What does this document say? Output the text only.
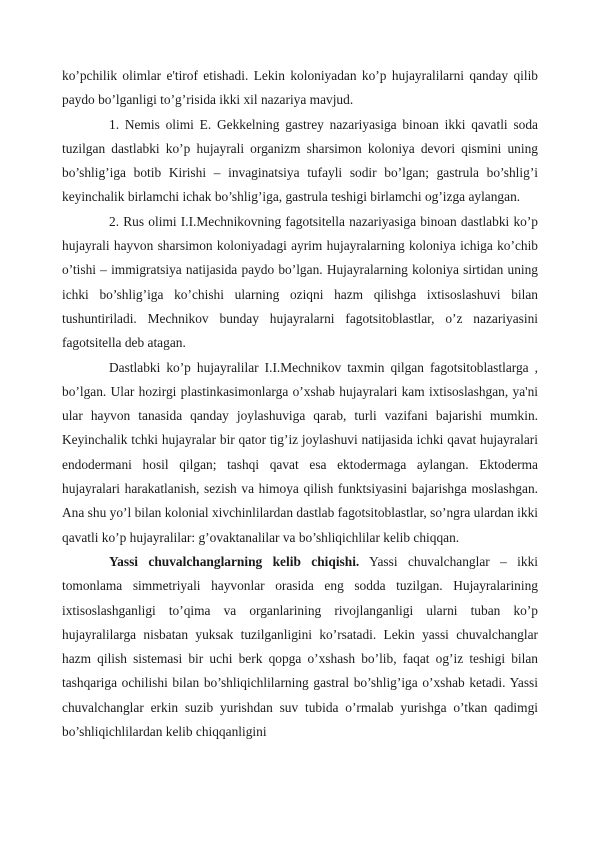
ko’pchilik olimlar e'tirof etishadi. Lekin koloniyadan ko’p hujayralilarni qanday qilib paydo bo’lganligi to’g’risida ikki xil nazariya mavjud.

1. Nemis olimi E. Gekkelning gastrey nazariyasiga binoan ikki qavatli soda tuzilgan dastlabki ko’p hujayrali organizm sharsimon koloniya devori qismini uning bo’shlig’iga botib Kirishi – invaginatsiya tufayli sodir bo’lgan; gastrula bo’shlig’i keyinchalik birlamchi ichak bo’shlig’iga, gastrula teshigi birlamchi og’izga aylangan.

2. Rus olimi I.I.Mechnikovning fagotsitella nazariyasiga binoan dastlabki ko’p hujayrali hayvon sharsimon koloniyadagi ayrim hujayralarning koloniya ichiga ko’chib o’tishi – immigratsiya natijasida paydo bo’lgan. Hujayralarning koloniya sirtidan uning ichki bo’shlig’iga ko’chishi ularning oziqni hazm qilishga ixtisoslashuvi bilan tushuntiriladi. Mechnikov bunday hujayralarni fagotsitoblastlar, o’z nazariyasini fagotsitella deb atagan.

Dastlabki ko’p hujayralilar I.I.Mechnikov taxmin qilgan fagotsitoblastlarga , bo’lgan. Ular hozirgi plastinkasimonlarga o’xshab hujayralari kam ixtisoslashgan, ya'ni ular hayvon tanasida qanday joylashuviga qarab, turli vazifani bajarishi mumkin. Keyinchalik tchki hujayralar bir qator tig’iz joylashuvi natijasida ichki qavat hujayralari endodermani hosil qilgan; tashqi qavat esa ektodermaga aylangan. Ektoderma hujayralari harakatlanish, sezish va himoya qilish funktsiyasini bajarishga moslashgan. Ana shu yo’l bilan kolonial xivchinlilardan dastlab fagotsitoblastlar, so’ngra ulardan ikki qavatli ko’p hujayralilar: g’ovaktanalilar va bo’shliqichlilar kelib chiqqan.

Yassi chuvalchanglarning kelib chiqishi. Yassi chuvalchanglar – ikki tomonlama simmetriyali hayvonlar orasida eng sodda tuzilgan. Hujayralarining ixtisoslashganligi to’qima va organlarining rivojlanganligi ularni tuban ko’p hujayralilarga nisbatan yuksak tuzilganligini ko’rsatadi. Lekin yassi chuvalchanglar hazm qilish sistemasi bir uchi berk qopga o’xshash bo’lib, faqat og’iz teshigi bilan tashqariga ochilishi bilan bo’shliqichlilarning gastral bo’shlig’iga o’xshab ketadi. Yassi chuvalchanglar erkin suzib yurishdan suv tubida o’rmalab yurishga o’tkan qadimgi bo’shliqichlilardan kelib chiqqanligini
